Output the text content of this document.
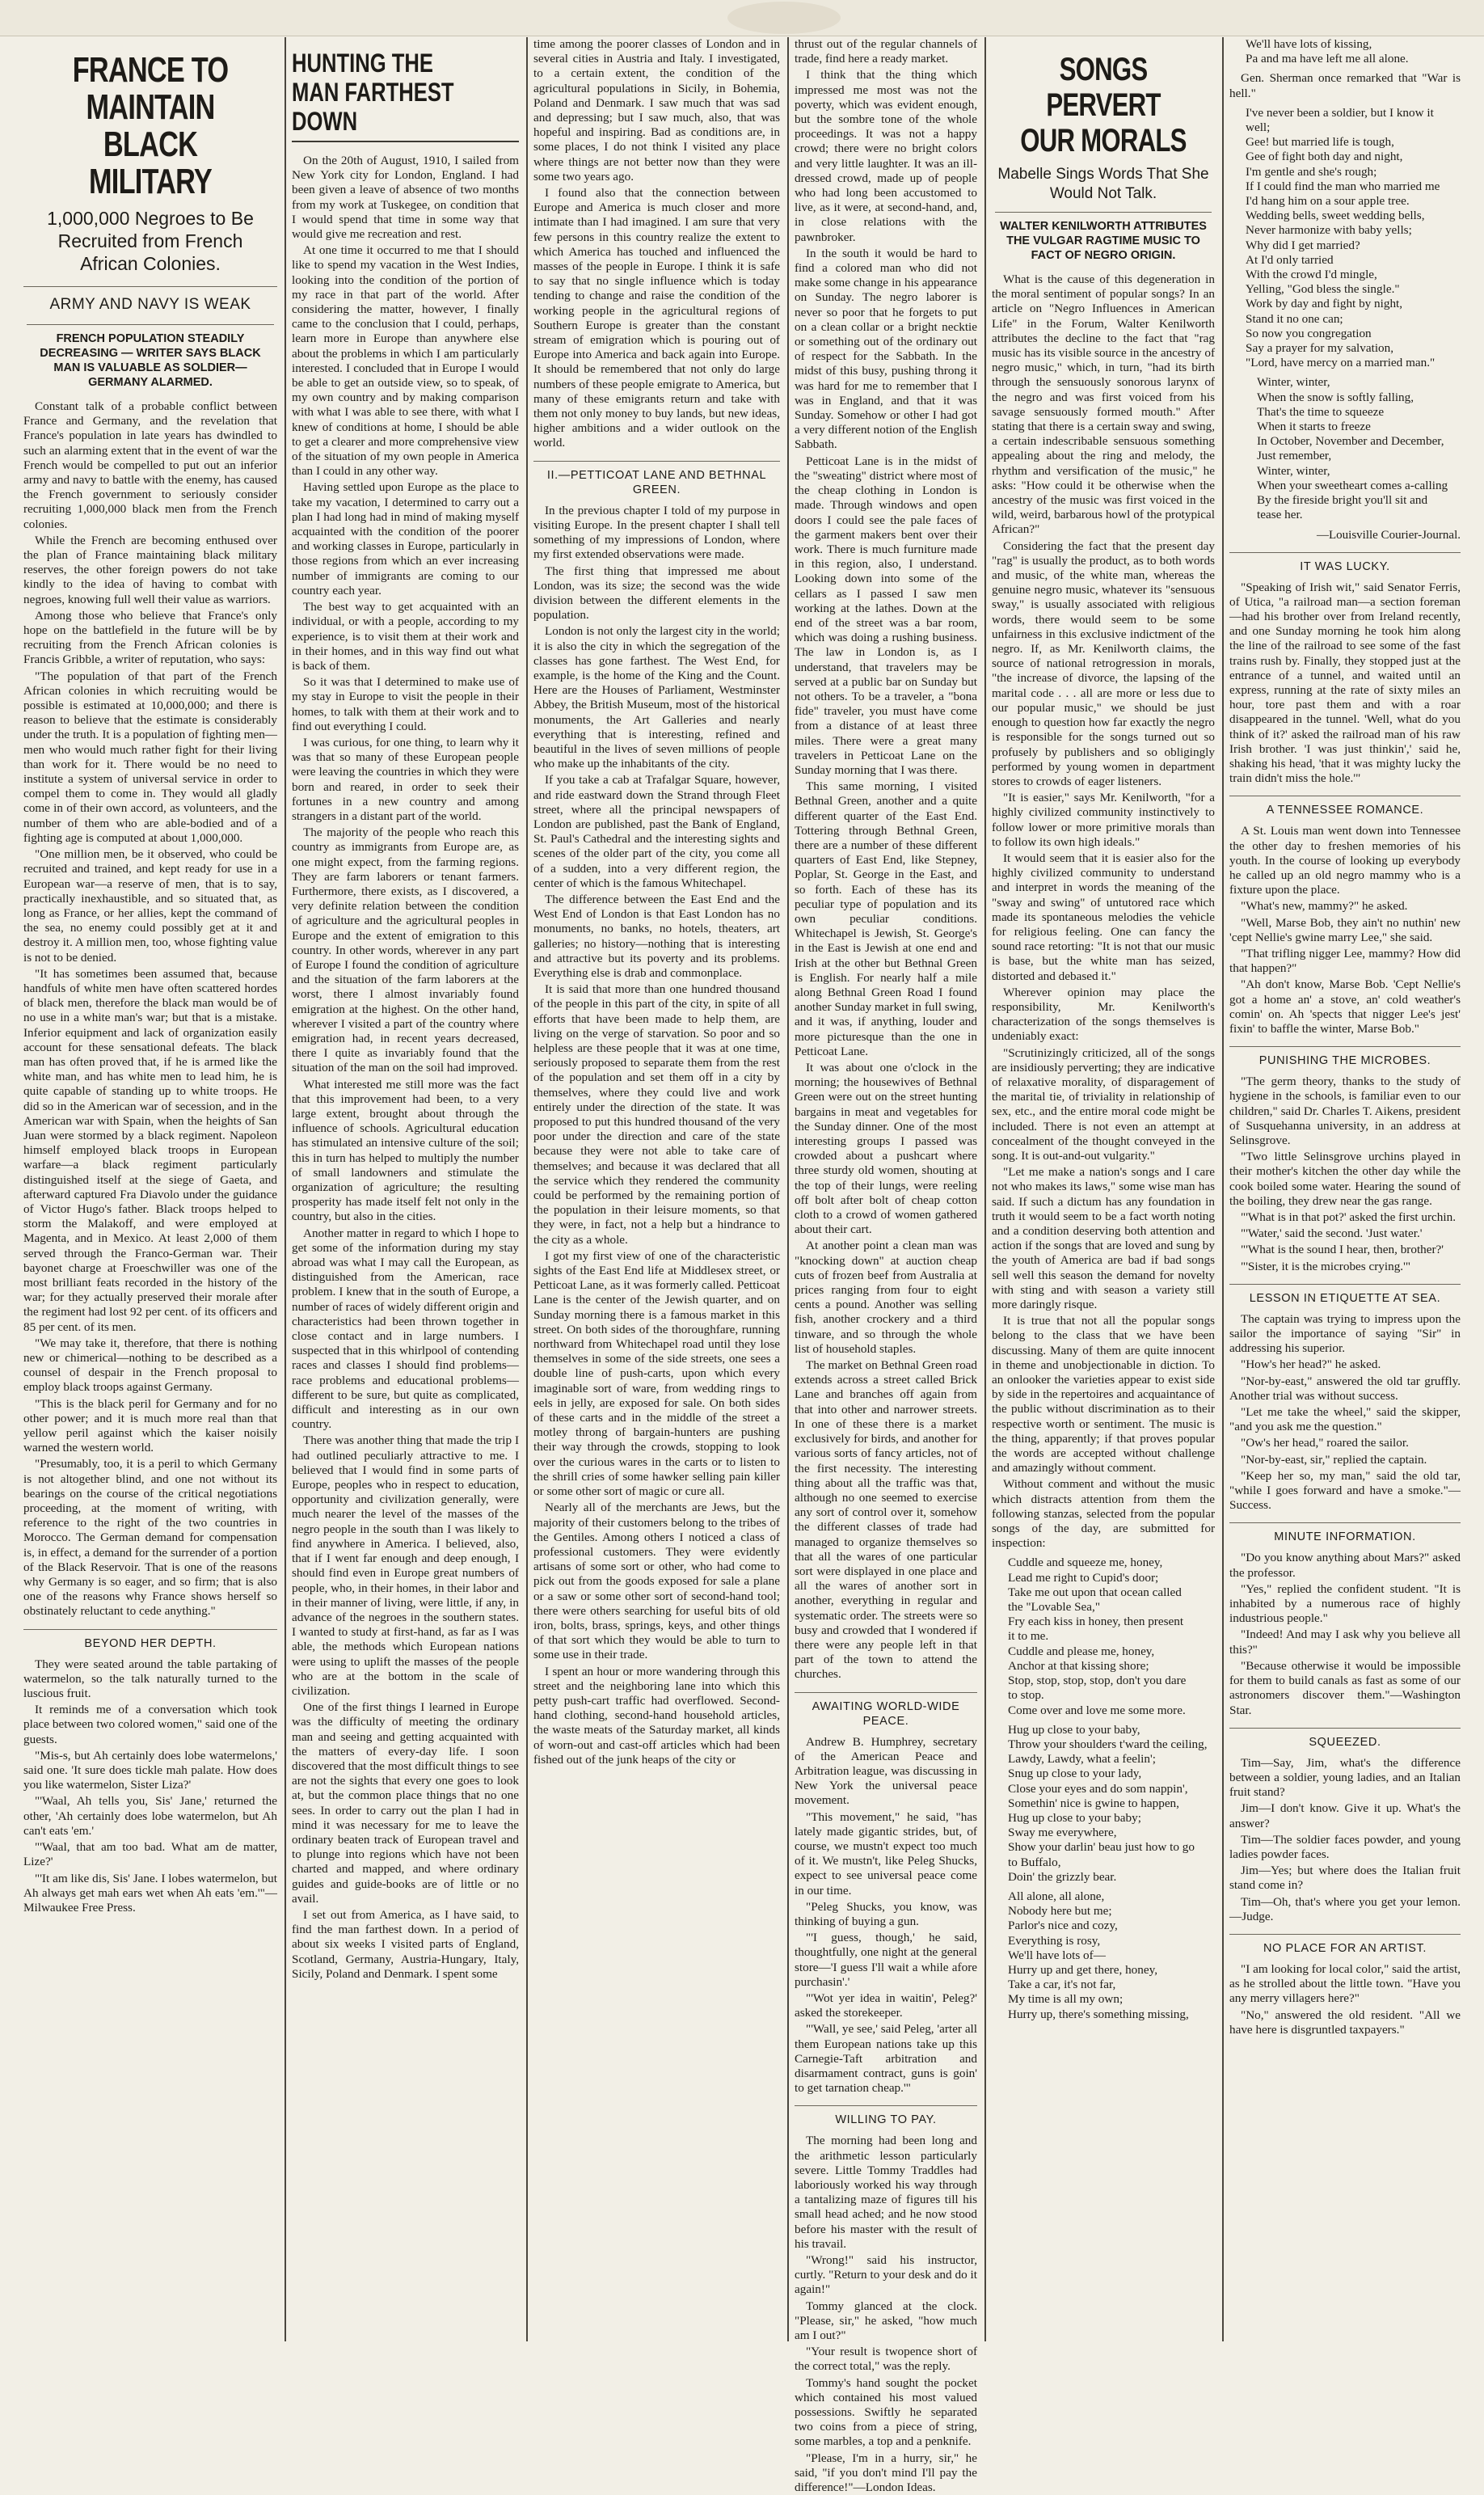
FRANCE TO MAINTAIN BLACK MILITARY
1,000,000 Negroes to Be Recruited from French African Colonies.
ARMY AND NAVY IS WEAK
FRENCH POPULATION STEADILY DECREASING — WRITER SAYS BLACK MAN IS VALUABLE AS SOLDIER—GERMANY ALARMED.

Constant talk of a probable conflict between France and Germany, and the revelation that France's population in late years has dwindled to such an alarming extent that in the event of war the French would be compelled to put out an inferior army and navy to battle with the enemy, has caused the French government to seriously consider recruiting 1,000,000 black men from the French colonies.

While the French are becoming enthused over the plan of France maintaining black military reserves, the other foreign powers do not take kindly to the idea of having to combat with negroes, knowing full well their value as warriors.

Among those who believe that France's only hope on the battlefield in the future will be by recruiting from the French African colonies is Francis Gribble, a writer of reputation, who says:

"The population of that part of the French African colonies in which recruiting would be possible is estimated at 10,000,000; and there is reason to believe that the estimate is considerably under the truth. It is a population of fighting men—men who would much rather fight for their living than work for it. There would be no need to institute a system of universal service in order to compel them to come in. They would all gladly come in of their own accord, as volunteers, and the number of them who are able-bodied and of a fighting age is computed at about 1,000,000.

"One million men, be it observed, who could be recruited and trained, and kept ready for use in a European war—a reserve of men, that is to say, practically inexhaustible, and so situated that, as long as France, or her allies, kept the command of the sea, no enemy could possibly get at it and destroy it. A million men, too, whose fighting value is not to be denied.

"It has sometimes been assumed that, because handfuls of white men have often scattered hordes of black men, therefore the black man would be of no use in a white man's war; but that is a mistake. Inferior equipment and lack of organization easily account for these sensational defeats. The black man has often proved that, if he is armed like the white man, and has white men to lead him, he is quite capable of standing up to white troops. He did so in the American war of secession, and in the American war with Spain, when the heights of San Juan were stormed by a black regiment. Napoleon himself employed black troops in European warfare—a black regiment particularly distinguished itself at the siege of Gaeta, and afterward captured Fra Diavolo under the guidance of Victor Hugo's father. Black troops helped to storm the Malakoff, and were employed at Magenta, and in Mexico. At least 2,000 of them served through the Franco-German war. Their bayonet charge at Froeschwiller was one of the most brilliant feats recorded in the history of the war; for they actually preserved their morale after the regiment had lost 92 per cent. of its officers and 85 per cent. of its men.

"We may take it, therefore, that there is nothing new or chimerical—nothing to be described as a counsel of despair in the French proposal to employ black troops against Germany.

"This is the black peril for Germany and for no other power; and it is much more real than that yellow peril against which the kaiser noisily warned the western world.

"Presumably, too, it is a peril to which Germany is not altogether blind, and one not without its bearings on the course of the critical negotiations proceeding, at the moment of writing, with reference to the right of the two countries in Morocco. The German demand for compensation is, in effect, a demand for the surrender of a portion of the Black Reservoir. That is one of the reasons why Germany is so eager, and so firm; that is also one of the reasons why France shows herself so obstinately reluctant to cede anything."

BEYOND HER DEPTH.

They were seated around the table partaking of watermelon, so the talk naturally turned to the luscious fruit.

It reminds me of a conversation which took place between two colored women," said one of the guests.

"Mis-s, but Ah certainly does lobe watermelons,' said one. 'It sure does tickle mah palate. How does you like watermelon, Sister Liza?'

"'Waal, Ah tells you, Sis' Jane,' returned the other, 'Ah certainly does lobe watermelon, but Ah can't eats 'em.'

"'Waal, that am too bad. What am de matter, Lize?'

"'It am like dis, Sis' Jane. I lobes watermelon, but Ah always get mah ears wet when Ah eats 'em.'"—Milwaukee Free Press.

HUNTING THE MAN FARTHEST DOWN

On the 20th of August, 1910, I sailed from New York city for London, England. I had been given a leave of absence of two months from my work at Tuskegee, on condition that I would spend that time in some way that would give me recreation and rest.

At one time it occurred to me that I should like to spend my vacation in the West Indies, looking into the condition of the portion of my race in that part of the world. After considering the matter, however, I finally came to the conclusion that I could, perhaps, learn more in Europe than anywhere else about the problems in which I am particularly interested. I concluded that in Europe I would be able to get an outside view, so to speak, of my own country and by making comparison with what I was able to see there, with what I knew of conditions at home, I should be able to get a clearer and more comprehensive view of the situation of my own people in America than I could in any other way.

Having settled upon Europe as the place to take my vacation, I determined to carry out a plan I had long had in mind of making myself acquainted with the condition of the poorer and working classes in Europe, particularly in those regions from which an ever increasing number of immigrants are coming to our country each year.

The best way to get acquainted with an individual, or with a people, according to my experience, is to visit them at their work and in their homes, and in this way find out what is back of them.

So it was that I determined to make use of my stay in Europe to visit the people in their homes, to talk with them at their work and to find out everything I could.

I was curious, for one thing, to learn why it was that so many of these European people were leaving the countries in which they were born and reared, in order to seek their fortunes in a new country and among strangers in a distant part of the world.

The majority of the people who reach this country as immigrants from Europe are, as one might expect, from the farming regions. They are farm laborers or tenant farmers. Furthermore, there exists, as I discovered, a very definite relation between the condition of agriculture and the agricultural peoples in Europe and the extent of emigration to this country. In other words, wherever in any part of Europe I found the condition of agriculture and the situation of the farm laborers at the worst, there I almost invariably found emigration at the highest. On the other hand, wherever I visited a part of the country where emigration had, in recent years decreased, there I quite as invariably found that the situation of the man on the soil had improved.

What interested me still more was the fact that this improvement had been, to a very large extent, brought about through the influence of schools. Agricultural education has stimulated an intensive culture of the soil; this in turn has helped to multiply the number of small landowners and stimulate the organization of agriculture; the resulting prosperity has made itself felt not only in the country, but also in the cities.

Another matter in regard to which I hope to get some of the information during my stay abroad was what I may call the European, as distinguished from the American, race problem. I knew that in the south of Europe, a number of races of widely different origin and characteristics had been thrown together in close contact and in large numbers. I suspected that in this whirlpool of contending races and classes I should find problems—race problems and educational problems—different to be sure, but quite as complicated, difficult and interesting as in our own country.

There was another thing that made the trip I had outlined peculiarly attractive to me. I believed that I would find in some parts of Europe, peoples who in respect to education, opportunity and civilization generally, were much nearer the level of the masses of the negro people in the south than I was likely to find anywhere in America. I believed, also, that if I went far enough and deep enough, I should find even in Europe great numbers of people, who, in their homes, in their labor and in their manner of living, were little, if any, in advance of the negroes in the southern states. I wanted to study at first-hand, as far as I was able, the methods which European nations were using to uplift the masses of the people who are at the bottom in the scale of civilization.

One of the first things I learned in Europe was the difficulty of meeting the ordinary man and seeing and getting acquainted with the matters of every-day life. I soon discovered that the most difficult things to see are not the sights that every one goes to look at, but the common place things that no one sees. In order to carry out the plan I had in mind it was necessary for me to leave the ordinary beaten track of European travel and to plunge into regions which have not been charted and mapped, and where ordinary guides and guide-books are of little or no avail.

I set out from America, as I have said, to find the man farthest down. In a period of about six weeks I visited parts of England, Scotland, Germany, Austria-Hungary, Italy, Sicily, Poland and Denmark. I spent some

time among the poorer classes of London and in several cities in Austria and Italy. I investigated, to a certain extent, the condition of the agricultural populations in Sicily, in Bohemia, Poland and Denmark. I saw much that was sad and depressing; but I saw much, also, that was hopeful and inspiring. Bad as conditions are, in some places, I do not think I visited any place where things are not better now than they were some two years ago.

I found also that the connection between Europe and America is much closer and more intimate than I had imagined. I am sure that very few persons in this country realize the extent to which America has touched and influenced the masses of the people in Europe. I think it is safe to say that no single influence which is today tending to change and raise the condition of the working people in the agricultural regions of Southern Europe is greater than the constant stream of emigration which is pouring out of Europe into America and back again into Europe. It should be remembered that not only do large numbers of these people emigrate to America, but many of these emigrants return and take with them not only money to buy lands, but new ideas, higher ambitions and a wider outlook on the world.

II.—PETTICOAT LANE AND BETHNAL GREEN.

In the previous chapter I told of my purpose in visiting Europe. In the present chapter I shall tell something of my impressions of London, where my first extended observations were made.

The first thing that impressed me about London, was its size; the second was the wide division between the different elements in the population.

London is not only the largest city in the world; it is also the city in which the segregation of the classes has gone farthest. The West End, for example, is the home of the King and the Count. Here are the Houses of Parliament, Westminster Abbey, the British Museum, most of the historical monuments, the Art Galleries and nearly everything that is interesting, refined and beautiful in the lives of seven millions of people who make up the inhabitants of the city.

If you take a cab at Trafalgar Square, however, and ride eastward down the Strand through Fleet street, where all the principal newspapers of London are published, past the Bank of England, St. Paul's Cathedral and the interesting sights and scenes of the older part of the city, you come all of a sudden, into a very different region, the center of which is the famous Whitechapel.

The difference between the East End and the West End of London is that East London has no monuments, no banks, no hotels, theaters, art galleries; no history—nothing that is interesting and attractive but its poverty and its problems. Everything else is drab and commonplace.

It is said that more than one hundred thousand of the people in this part of the city, in spite of all efforts that have been made to help them, are living on the verge of starvation. So poor and so helpless are these people that it was at one time, seriously proposed to separate them from the rest of the population and set them off in a city by themselves, where they could live and work entirely under the direction of the state. It was proposed to put this hundred thousand of the very poor under the direction and care of the state because they were not able to take care of themselves; and because it was declared that all the service which they rendered the community could be performed by the remaining portion of the population in their leisure moments, so that they were, in fact, not a help but a hindrance to the city as a whole.

I got my first view of one of the characteristic sights of the East End life at Middlesex street, or Petticoat Lane, as it was formerly called. Petticoat Lane is the center of the Jewish quarter, and on Sunday morning there is a famous market in this street. On both sides of the thoroughfare, running northward from Whitechapel road until they lose themselves in some of the side streets, one sees a double line of push-carts, upon which every imaginable sort of ware, from wedding rings to eels in jelly, are exposed for sale. On both sides of these carts and in the middle of the street a motley throng of bargain-hunters are pushing their way through the crowds, stopping to look over the curious wares in the carts or to listen to the shrill cries of some hawker selling pain killer or some other sort of magic or cure all.

Nearly all of the merchants are Jews, but the majority of their customers belong to the tribes of the Gentiles. Among others I noticed a class of professional customers. They were evidently artisans of some sort or other, who had come to pick out from the goods exposed for sale a plane or a saw or some other sort of second-hand tool; there were others searching for useful bits of old iron, bolts, brass, springs, keys, and other things of that sort which they would be able to turn to some use in their trade.

I spent an hour or more wandering through this street and the neighboring lane into which this petty push-cart traffic had overflowed. Second-hand clothing, second-hand household articles, the waste meats of the Saturday market, all kinds of worn-out and cast-off articles which had been fished out of the junk heaps of the city or

thrust out of the regular channels of trade, find here a ready market.

I think that the thing which impressed me most was not the poverty, which was evident enough, but the sombre tone of the whole proceedings. It was not a happy crowd; there were no bright colors and very little laughter. It was an ill-dressed crowd, made up of people who had long been accustomed to live, as it were, at second-hand, and, in close relations with the pawnbroker.

In the south it would be hard to find a colored man who did not make some change in his appearance on Sunday. The negro laborer is never so poor that he forgets to put on a clean collar or a bright necktie or something out of the ordinary out of respect for the Sabbath. In the midst of this busy, pushing throng it was hard for me to remember that I was in England, and that it was Sunday. Somehow or other I had got a very different notion of the English Sabbath.

Petticoat Lane is in the midst of the "sweating" district where most of the cheap clothing in London is made. Through windows and open doors I could see the pale faces of the garment makers bent over their work. There is much furniture made in this region, also, I understand. Looking down into some of the cellars as I passed I saw men working at the lathes. Down at the end of the street was a bar room, which was doing a rushing business. The law in London is, as I understand, that travelers may be served at a public bar on Sunday but not others. To be a traveler, a "bona fide" traveler, you must have come from a distance of at least three miles. There were a great many travelers in Petticoat Lane on the Sunday morning that I was there.

This same morning, I visited Bethnal Green, another and a quite different quarter of the East End. Tottering through Bethnal Green, there are a number of these different quarters of East End, like Stepney, Poplar, St. George in the East, and so forth. Each of these has its peculiar type of population and its own peculiar conditions. Whitechapel is Jewish, St. George's in the East is Jewish at one end and Irish at the other but Bethnal Green is English. For nearly half a mile along Bethnal Green Road I found another Sunday market in full swing, and it was, if anything, louder and more picturesque than the one in Petticoat Lane.

It was about one o'clock in the morning; the housewives of Bethnal Green were out on the street hunting bargains in meat and vegetables for the Sunday dinner. One of the most interesting groups I passed was crowded about a pushcart where three sturdy old women, shouting at the top of their lungs, were reeling off bolt after bolt of cheap cotton cloth to a crowd of women gathered about their cart.

At another point a clean man was "knocking down" at auction cheap cuts of frozen beef from Australia at prices ranging from four to eight cents a pound. Another was selling fish, another crockery and a third tinware, and so through the whole list of household staples.

The market on Bethnal Green road extends across a street called Brick Lane and branches off again from that into other and narrower streets. In one of these there is a market exclusively for birds, and another for various sorts of fancy articles, not of the first necessity. The interesting thing about all the traffic was that, although no one seemed to exercise any sort of control over it, somehow the different classes of trade had managed to organize themselves so that all the wares of one particular sort were displayed in one place and all the wares of another sort in another, everything in regular and systematic order. The streets were so busy and crowded that I wondered if there were any people left in that part of the town to attend the churches.

AWAITING WORLD-WIDE PEACE.

Andrew B. Humphrey, secretary of the American Peace and Arbitration league, was discussing in New York the universal peace movement.

"This movement," he said, "has lately made gigantic strides, but, of course, we mustn't expect too much of it. We mustn't, like Peleg Shucks, expect to see universal peace come in our time.

"Peleg Shucks, you know, was thinking of buying a gun.

"'I guess, though,' he said, thoughtfully, one night at the general store—'I guess I'll wait a while afore purchasin'.'

"'Wot yer idea in waitin', Peleg?' asked the storekeeper.

"'Wall, ye see,' said Peleg, 'arter all them European nations take up this Carnegie-Taft arbitration and disarmament contract, guns is goin' to get tarnation cheap.'"

WILLING TO PAY.

The morning had been long and the arithmetic lesson particularly severe. Little Tommy Traddles had laboriously worked his way through a tantalizing maze of figures till his small head ached; and he now stood before his master with the result of his travail.

"Wrong!" said his instructor, curtly. "Return to your desk and do it again!"

Tommy glanced at the clock. "Please, sir," he asked, "how much am I out?"

"Your result is twopence short of the correct total," was the reply.

Tommy's hand sought the pocket which contained his most valued possessions. Swiftly he separated two coins from a piece of string, some marbles, a top and a penknife.

"Please, I'm in a hurry, sir," he said, "if you don't mind I'll pay the difference!"—London Ideas.

SONGS PERVERT OUR MORALS
Mabelle Sings Words That She Would Not Talk.
WALTER KENILWORTH ATTRIBUTES THE VULGAR RAGTIME MUSIC TO FACT OF NEGRO ORIGIN.

What is the cause of this degeneration in the moral sentiment of popular songs? In an article on "Negro Influences in American Life" in the Forum, Walter Kenilworth attributes the decline to the fact that "rag music has its visible source in the ancestry of negro music," which, in turn, "had its birth through the sensuously sonorous larynx of the negro and was first voiced from his savage sensuously formed mouth." After stating that there is a certain sway and swing, a certain indescribable sensuous something appealing about the ring and melody, the rhythm and versification of the music," he asks: "How could it be otherwise when the ancestry of the music was first voiced in the wild, weird, barbarous howl of the protypical African?"

Considering the fact that the present day "rag" is usually the product, as to both words and music, of the white man, whereas the genuine negro music, whatever its "sensuous sway," is usually associated with religious words, there would seem to be some unfairness in this exclusive indictment of the negro. If, as Mr. Kenilworth claims, the source of national retrogression in morals, "the increase of divorce, the lapsing of the marital code . . . all are more or less due to our popular music," we should be just enough to question how far exactly the negro is responsible for the songs turned out so profusely by publishers and so obligingly performed by young women in department stores to crowds of eager listeners.

"It is easier," says Mr. Kenilworth, "for a highly civilized community instinctively to follow lower or more primitive morals than to follow its own high ideals."

It would seem that it is easier also for the highly civilized community to understand and interpret in words the meaning of the "sway and swing" of untutored race which made its spontaneous melodies the vehicle for religious feeling. One can fancy the sound race retorting: "It is not that our music is base, but the white man has seized, distorted and debased it."

Wherever opinion may place the responsibility, Mr. Kenilworth's characterization of the songs themselves is undeniably exact:

"Scrutinizingly criticized, all of the songs are insidiously perverting; they are indicative of relaxative morality, of disparagement of the marital tie, of triviality in relationship of sex, etc., and the entire moral code might be included. There is not even an attempt at concealment of the thought conveyed in the song. It is out-and-out vulgarity."

"Let me make a nation's songs and I care not who makes its laws," some wise man has said. If such a dictum has any foundation in truth it would seem to be a fact worth noting and a condition deserving both attention and action if the songs that are loved and sung by the youth of America are bad if bad songs sell well this season the demand for novelty with sting and with season a variety still more daringly risque.

It is true that not all the popular songs belong to the class that we have been discussing. Many of them are quite innocent in theme and unobjectionable in diction. To an onlooker the varieties appear to exist side by side in the repertoires and acquaintance of the public without discrimination as to their respective worth or sentiment. The music is the thing, apparently; if that proves popular the words are accepted without challenge and amazingly without comment.

Without comment and without the music which distracts attention from them the following stanzas, selected from the popular songs of the day, are submitted for inspection:

Cuddle and squeeze me, honey,
Lead me right to Cupid's door;
Take me out upon that ocean called
the "Lovable Sea,"
Fry each kiss in honey, then present
it to me.
Cuddle and please me, honey,
Anchor at that kissing shore;
Stop, stop, stop, stop, don't you dare
to stop.
Come over and love me some more.
Hug up close to your baby,
Throw your shoulders t'ward the ceiling,
Lawdy, Lawdy, what a feelin';
Snug up close to your lady,
Close your eyes and do som nappin',
Somethin' nice is gwine to happen,
Hug up close to your baby;
Sway me everywhere,
Show your darlin' beau just how to go
to Buffalo,
Doin' the grizzly bear.
All alone, all alone,
Nobody here but me;
Parlor's nice and cozy,
Everything is rosy,
We'll have lots of—
Hurry up and get there, honey,
Take a car, it's not far,
My time is all my own;
Hurry up, there's something missing,
We'll have lots of kissing,
Pa and ma have left me all alone.

Gen. Sherman once remarked that "War is hell."

I've never been a soldier, but I know it well;
Gee! but married life is tough,
Gee of fight both day and night,
I'm gentle and she's rough;
If I could find the man who married me
I'd hang him on a sour apple tree.
Wedding bells, sweet wedding bells,
Never harmonize with baby yells;
Why did I get married?
At I'd only tarried
With the crowd I'd mingle,
Yelling, "God bless the single."
Work by day and fight by night,
Stand it no one can;
So now you congregation
Say a prayer for my salvation,
"Lord, have mercy on a married man."
Winter, winter,
When the snow is softly falling,
That's the time to squeeze
When it starts to freeze
In October, November and December,
Just remember,
Winter, winter,
When your sweetheart comes a-calling
By the fireside bright you'll sit and
tease her.
—Louisville Courier-Journal.
IT WAS LUCKY.

"Speaking of Irish wit," said Senator Ferris, of Utica, "a railroad man—a section foreman—had his brother over from Ireland recently, and one Sunday morning he took him along the line of the railroad to see some of the fast trains rush by. Finally, they stopped just at the entrance of a tunnel, and waited until an express, running at the rate of sixty miles an hour, tore past them and with a roar disappeared in the tunnel. 'Well, what do you think of it?' asked the railroad man of his raw Irish brother. 'I was just thinkin',' said he, shaking his head, 'that it was mighty lucky the train didn't miss the hole.'"

A TENNESSEE ROMANCE.

A St. Louis man went down into Tennessee the other day to freshen memories of his youth. In the course of looking up everybody he called up an old negro mammy who is a fixture upon the place.

"What's new, mammy?" he asked.

"Well, Marse Bob, they ain't no nuthin' new 'cept Nellie's gwine marry Lee," she said.

"That trifling nigger Lee, mammy? How did that happen?"

"Ah don't know, Marse Bob. 'Cept Nellie's got a home an' a stove, an' cold weather's comin' on. Ah 'spects that nigger Lee's jest' fixin' to baffle the winter, Marse Bob."

PUNISHING THE MICROBES.

"The germ theory, thanks to the study of hygiene in the schools, is familiar even to our children," said Dr. Charles T. Aikens, president of Susquehanna university, in an address at Selinsgrove.

"Two little Selinsgrove urchins played in their mother's kitchen the other day while the cook boiled some water. Hearing the sound of the boiling, they drew near the gas range.

"'What is in that pot?' asked the first urchin.

"'Water,' said the second. 'Just water.'

"'What is the sound I hear, then, brother?'

"'Sister, it is the microbes crying.'"

LESSON IN ETIQUETTE AT SEA.

The captain was trying to impress upon the sailor the importance of saying "Sir" in addressing his superior.

"How's her head?" he asked.

"Nor-by-east," answered the old tar gruffly. Another trial was without success.

"Let me take the wheel," said the skipper, "and you ask me the question."

"Ow's her head," roared the sailor.

"Nor-by-east, sir," replied the captain.

"Keep her so, my man," said the old tar, "while I goes forward and have a smoke."—Success.

MINUTE INFORMATION.

"Do you know anything about Mars?" asked the professor.

"Yes," replied the confident student. "It is inhabited by a numerous race of highly industrious people."

"Indeed! And may I ask why you believe all this?"

"Because otherwise it would be impossible for them to build canals as fast as some of our astronomers discover them."—Washington Star.

SQUEEZED.

Tim—Say, Jim, what's the difference between a soldier, young ladies, and an Italian fruit stand?

Jim—I don't know. Give it up. What's the answer?

Tim—The soldier faces powder, and young ladies powder faces.

Jim—Yes; but where does the Italian fruit stand come in?

Tim—Oh, that's where you get your lemon.—Judge.

NO PLACE FOR AN ARTIST.

"I am looking for local color," said the artist, as he strolled about the little town. "Have you any merry villagers here?"

"No," answered the old resident. "All we have here is disgruntled taxpayers."
